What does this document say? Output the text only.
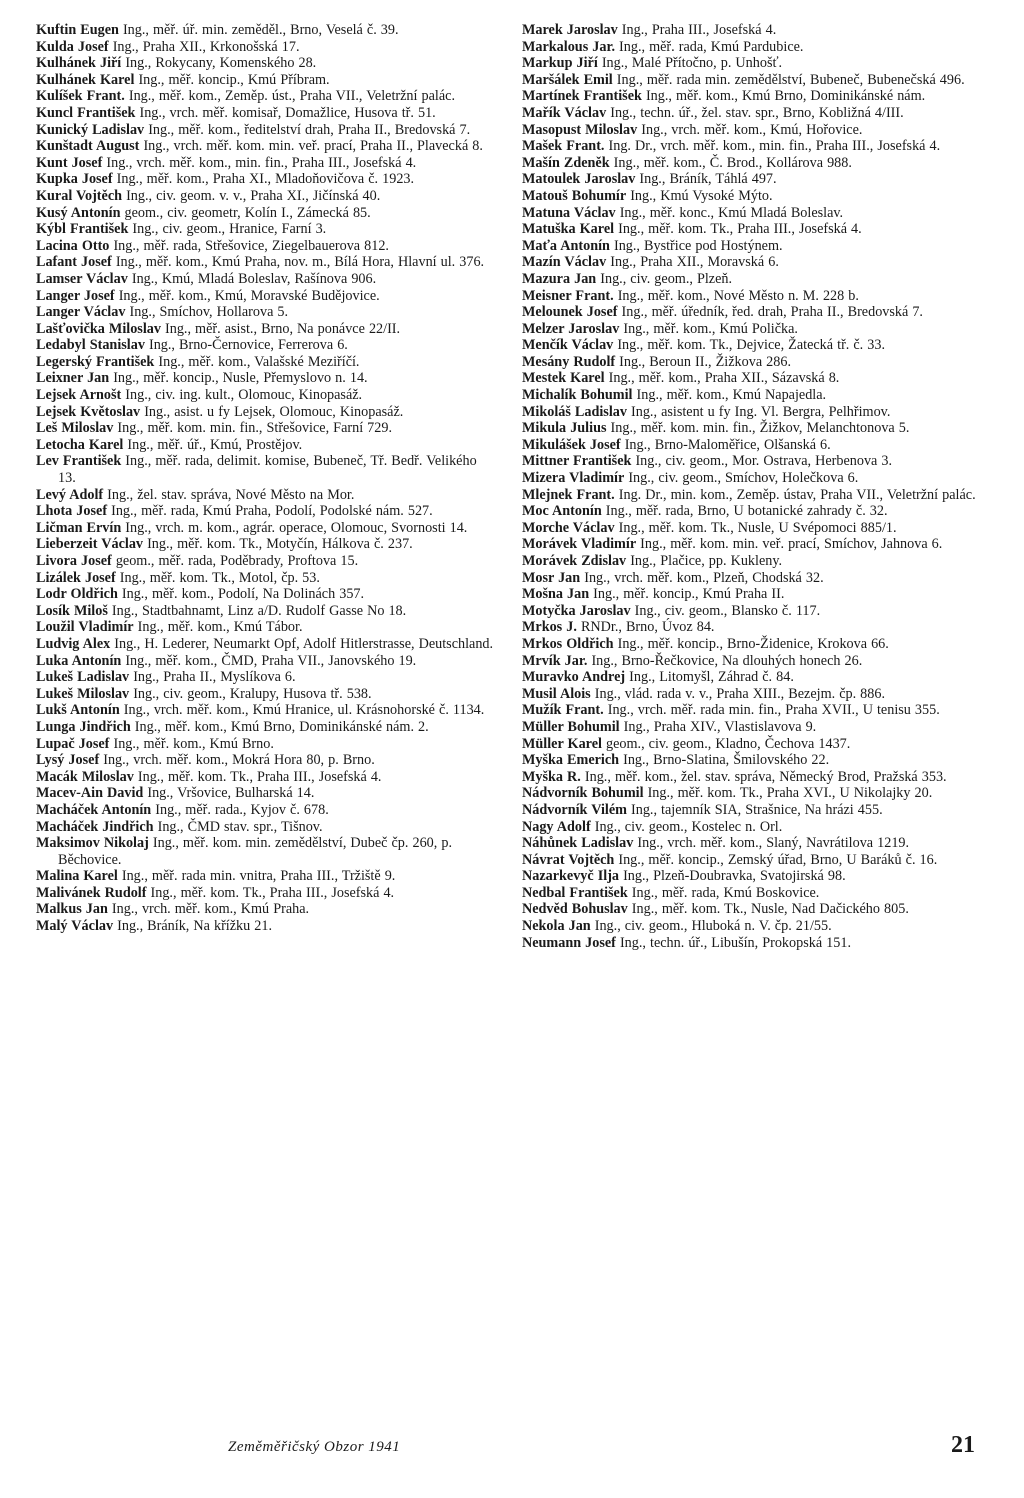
Kuftin Eugen Ing., měř. úř. min. zeměděl., Brno, Veselá č. 39.
Kulda Josef Ing., Praha XII., Krkonošská 17.
Kulhánek Jiří Ing., Rokycany, Komenského 28.
Kulhánek Karel Ing., měř. koncip., Kmú Příbram.
Kulíšek Frant. Ing., měř. kom., Zeměp. úst., Praha VII., Veletržní palác.
Kuncl František Ing., vrch. měř. komisař, Domažlice, Husova tř. 51.
Kunický Ladislav Ing., měř. kom., ředitelství drah, Praha II., Bredovská 7.
Kunštadt August Ing., vrch. měř. kom. min. veř. prací, Praha II., Plavecká 8.
Kunt Josef Ing., vrch. měř. kom., min. fin., Praha III., Josefská 4.
Kupka Josef Ing., měř. kom., Praha XI., Mladoňovičova č. 1923.
Kural Vojtěch Ing., civ. geom. v. v., Praha XI., Jičínská 40.
Kusý Antonín geom., civ. geometr, Kolín I., Zámecká 85.
Kýbl František Ing., civ. geom., Hranice, Farní 3.
Lacina Otto Ing., měř. rada, Střešovice, Ziegelbauerova 812.
Lafant Josef Ing., měř. kom., Kmú Praha, nov. m., Bílá Hora, Hlavní ul. 376.
Lamser Václav Ing., Kmú, Mladá Boleslav, Rašínova 906.
Langer Josef Ing., měř. kom., Kmú, Moravské Budějovice.
Langer Václav Ing., Smíchov, Hollarova 5.
Lašťovička Miloslav Ing., měř. asist., Brno, Na ponávce 22/II.
Ledabyl Stanislav Ing., Brno-Černovice, Ferrerova 6.
Legerský František Ing., měř. kom., Valašské Meziříčí.
Leixner Jan Ing., měř. koncip., Nusle, Přemyslovo n. 14.
Lejsek Arnošt Ing., civ. ing. kult., Olomouc, Kinopasáž.
Lejsek Květoslav Ing., asist. u fy Lejsek, Olomouc, Kinopasáž.
Leš Miloslav Ing., měř. kom. min. fin., Střešovice, Farní 729.
Letocha Karel Ing., měř. úř., Kmú, Prostějov.
Lev František Ing., měř. rada, delimit. komise, Bubeneč, Tř. Bedř. Velikého 13.
Levý Adolf Ing., žel. stav. správa, Nové Město na Mor.
Lhota Josef Ing., měř. rada, Kmú Praha, Podolí, Podolské nám. 527.
Ličman Ervín Ing., vrch. m. kom., agrár. operace, Olomouc, Svornosti 14.
Lieberzeit Václav Ing., měř. kom. Tk., Motyčín, Hálkova č. 237.
Livora Josef geom., měř. rada, Poděbrady, Proftova 15.
Lizálek Josef Ing., měř. kom. Tk., Motol, čp. 53.
Lodr Oldřich Ing., měř. kom., Podolí, Na Dolinách 357.
Losík Miloš Ing., Stadtbahnamt, Linz a/D. Rudolf Gasse No 18.
Loužil Vladimír Ing., měř. kom., Kmú Tábor.
Ludvig Alex Ing., H. Lederer, Neumarkt Opf, Adolf Hitlerstrasse, Deutschland.
Luka Antonín Ing., měř. kom., ČMD, Praha VII., Janovského 19.
Lukeš Ladislav Ing., Praha II., Myslíkova 6.
Lukeš Miloslav Ing., civ. geom., Kralupy, Husova tř. 538.
Lukš Antonín Ing., vrch. měř. kom., Kmú Hranice, ul. Krásnohorské č. 1134.
Lunga Jindřich Ing., měř. kom., Kmú Brno, Dominikánské nám. 2.
Lupač Josef Ing., měř. kom., Kmú Brno.
Lysý Josef Ing., vrch. měř. kom., Mokrá Hora 80, p. Brno.
Macák Miloslav Ing., měř. kom. Tk., Praha III., Josefská 4.
Macev-Ain David Ing., Vršovice, Bulharská 14.
Macháček Antonín Ing., měř. rada., Kyjov č. 678.
Macháček Jindřich Ing., ČMD stav. spr., Tišnov.
Maksimov Nikolaj Ing., měř. kom. min. zemědělství, Dubeč čp. 260, p. Běchovice.
Malina Karel Ing., měř. rada min. vnitra, Praha III., Tržiště 9.
Malivánek Rudolf Ing., měř. kom. Tk., Praha III., Josefská 4.
Malkus Jan Ing., vrch. měř. kom., Kmú Praha.
Malý Václav Ing., Bráník, Na křížku 21.
Marek Jaroslav Ing., Praha III., Josefská 4.
Markalous Jar. Ing., měř. rada, Kmú Pardubice.
Markup Jiří Ing., Malé Přítočno, p. Unhošť.
Maršálek Emil Ing., měř. rada min. zemědělství, Bubeneč, Bubenečská 496.
Martínek František Ing., měř. kom., Kmú Brno, Dominikánské nám.
Mařík Václav Ing., techn. úř., žel. stav. spr., Brno, Kobližná 4/III.
Masopust Miloslav Ing., vrch. měř. kom., Kmú, Hořovice.
Mašek Frant. Ing. Dr., vrch. měř. kom., min. fin., Praha III., Josefská 4.
Mašín Zdeněk Ing., měř. kom., Č. Brod., Kollárova 988.
Matoulek Jaroslav Ing., Bráník, Táhlá 497.
Matouš Bohumír Ing., Kmú Vysoké Mýto.
Matuna Václav Ing., měř. konc., Kmú Mladá Boleslav.
Matuška Karel Ing., měř. kom. Tk., Praha III., Josefská 4.
Maťa Antonín Ing., Bystřice pod Hostýnem.
Mazín Václav Ing., Praha XII., Moravská 6.
Mazura Jan Ing., civ. geom., Plzeň.
Meisner Frant. Ing., měř. kom., Nové Město n. M. 228 b.
Melounek Josef Ing., měř. úředník, řed. drah, Praha II., Bredovská 7.
Melzer Jaroslav Ing., měř. kom., Kmú Polička.
Menčík Václav Ing., měř. kom. Tk., Dejvice, Žatecká tř. č. 33.
Mesány Rudolf Ing., Beroun II., Žižkova 286.
Mestek Karel Ing., měř. kom., Praha XII., Sázavská 8.
Michalík Bohumil Ing., měř. kom., Kmú Napajedla.
Mikoláš Ladislav Ing., asistent u fy Ing. Vl. Bergra, Pelhřimov.
Mikula Julius Ing., měř. kom. min. fin., Žižkov, Melanchtonova 5.
Mikulášek Josef Ing., Brno-Maloměřice, Olšanská 6.
Mittner František Ing., civ. geom., Mor. Ostrava, Herbenova 3.
Mizera Vladimír Ing., civ. geom., Smíchov, Holečkova 6.
Mlejnek Frant. Ing. Dr., min. kom., Zeměp. ústav, Praha VII., Veletržní palác.
Moc Antonín Ing., měř. rada, Brno, U botanické zahrady č. 32.
Morche Václav Ing., měř. kom. Tk., Nusle, U Svépomoci 885/1.
Morávek Vladimír Ing., měř. kom. min. veř. prací, Smíchov, Jahnova 6.
Morávek Zdislav Ing., Plačice, pp. Kukleny.
Mosr Jan Ing., vrch. měř. kom., Plzeň, Chodská 32.
Mošna Jan Ing., měř. koncip., Kmú Praha II.
Motyčka Jaroslav Ing., civ. geom., Blansko č. 117.
Mrkos J. RNDr., Brno, Úvoz 84.
Mrkos Oldřich Ing., měř. koncip., Brno-Židenice, Krokova 66.
Mrvík Jar. Ing., Brno-Řečkovice, Na dlouhých honech 26.
Muravko Andrej Ing., Litomyšl, Záhrad č. 84.
Musil Alois Ing., vlád. rada v. v., Praha XIII., Bezejm. čp. 886.
Mužík Frant. Ing., vrch. měř. rada min. fin., Praha XVII., U tenisu 355.
Müller Bohumil Ing., Praha XIV., Vlastislavova 9.
Müller Karel geom., civ. geom., Kladno, Čechova 1437.
Myška Emerich Ing., Brno-Slatina, Šmilovského 22.
Myška R. Ing., měř. kom., žel. stav. správa, Německý Brod, Pražská 353.
Nádvorník Bohumil Ing., měř. kom. Tk., Praha XVI., U Nikolajky 20.
Nádvorník Vilém Ing., tajemník SIA, Strašnice, Na hrázi 455.
Nagy Adolf Ing., civ. geom., Kostelec n. Orl.
Náhůnek Ladislav Ing., vrch. měř. kom., Slaný, Navrátilova 1219.
Návrat Vojtěch Ing., měř. koncip., Zemský úřad, Brno, U Baráků č. 16.
Nazarkevyč Ilja Ing., Plzeň-Doubravka, Svatojirská 98.
Nedbal František Ing., měř. rada, Kmú Boskovice.
Nedvěd Bohuslav Ing., měř. kom. Tk., Nusle, Nad Dačického 805.
Nekola Jan Ing., civ. geom., Hluboká n. V. čp. 21/55.
Neumann Josef Ing., techn. úř., Libušín, Prokopská 151.
Zeměměřičský Obzor 1941	21
